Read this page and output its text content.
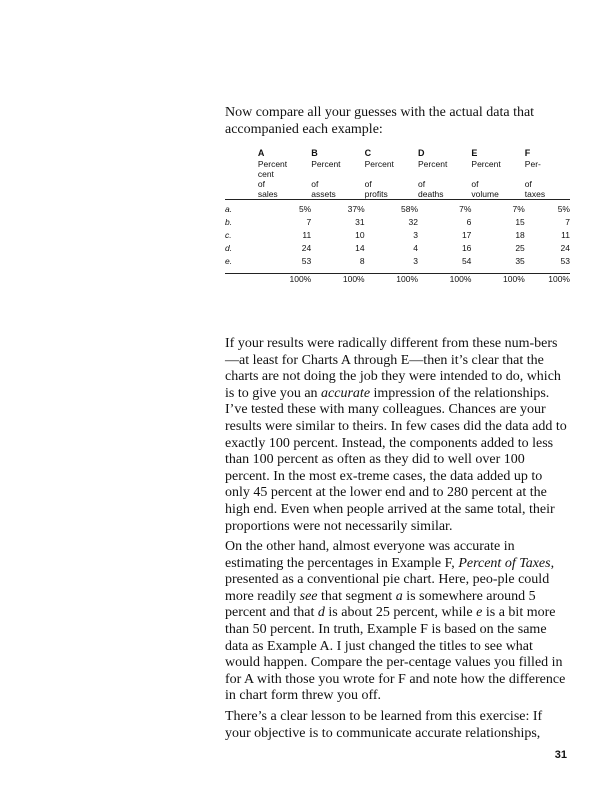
Now compare all your guesses with the actual data that accompanied each example:

	A	B	C	D	E	F
	Percent	Percent	Percent	Percent	Percent	Per-
	cent					
	of	of	of	of	of	of
	sales	assets	profits	deaths	volume	taxes

a.	5%	37%	58%	7%	7%	5%
b.	7	31	32	6	15	7
c.	11	10	3	17	18	11
d.	24	14	4	16	25	24
e.	53	8	3	54	35	53

	100%	100%	100%	100%	100%	100%

If your results were radically different from these num-bers—at least for Charts A through E—then it’s clear that the charts are not doing the job they were intended to do, which is to give you an accurate impression of the relationships. I’ve tested these with many colleagues. Chances are your results were similar to theirs. In few cases did the data add to exactly 100 percent. Instead, the components added to less than 100 percent as often as they did to well over 100 percent. In the most ex-treme cases, the data added up to only 45 percent at the lower end and to 280 percent at the high end. Even when people arrived at the same total, their proportions were not necessarily similar.

On the other hand, almost everyone was accurate in estimating the percentages in Example F, Percent of Taxes, presented as a conventional pie chart. Here, peo-ple could more readily see that segment a is somewhere around 5 percent and that d is about 25 percent, while e is a bit more than 50 percent. In truth, Example F is based on the same data as Example A. I just changed the titles to see what would happen. Compare the per-centage values you filled in for A with those you wrote for F and note how the difference in chart form threw you off.

There’s a clear lesson to be learned from this exercise: If your objective is to communicate accurate relationships,

31
